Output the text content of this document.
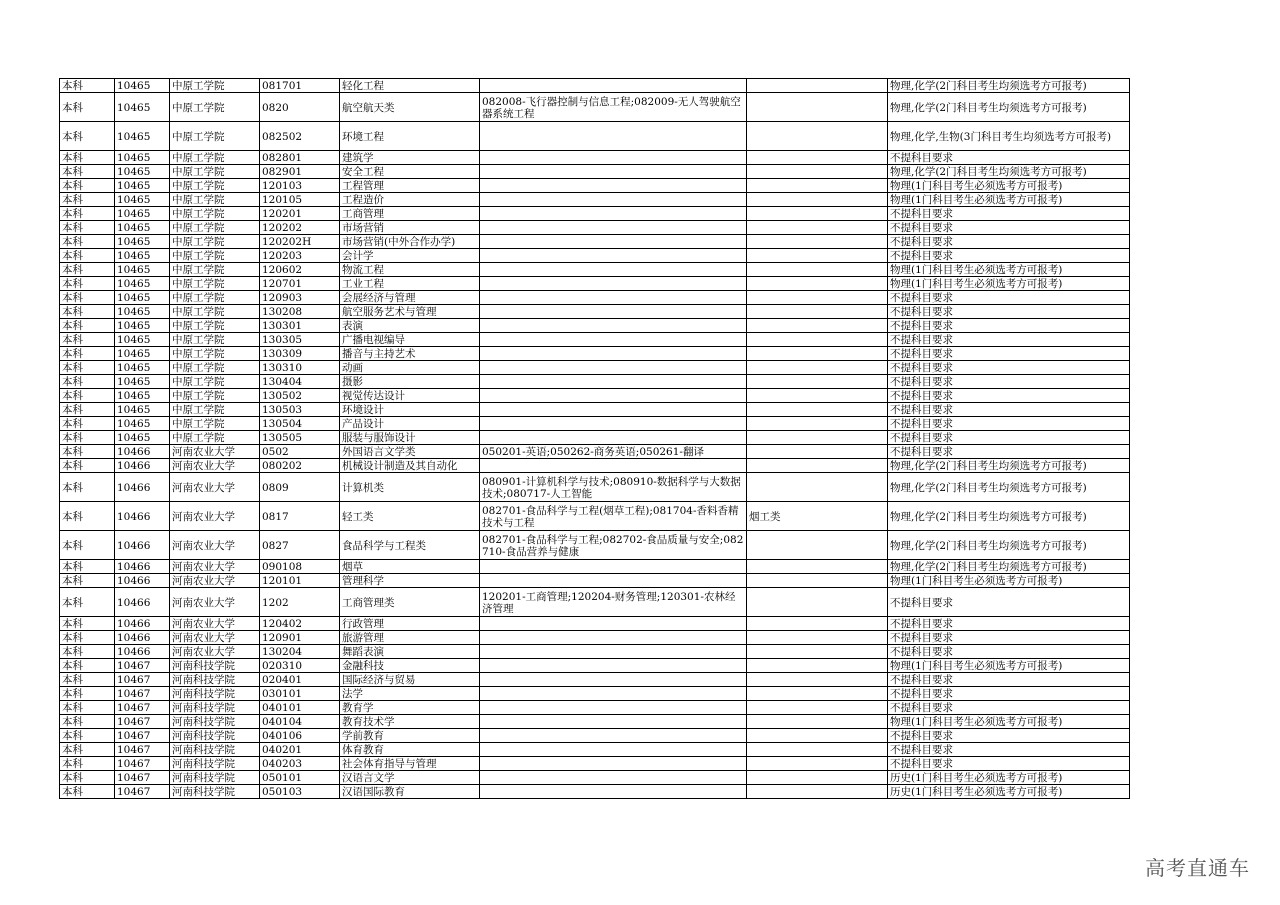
本科	10465	中原工学院	081701	轻化工程			物理,化学(2门科目考生均须选考方可报考)
本科	10465	中原工学院	0820	航空航天类	082008-飞行器控制与信息工程;082009-无人驾驶航空器系统工程		物理,化学(2门科目考生均须选考方可报考)
本科	10465	中原工学院	082502	环境工程			物理,化学,生物(3门科目考生均须选考方可报考)
本科	10465	中原工学院	082801	建筑学			不提科目要求
本科	10465	中原工学院	082901	安全工程			物理,化学(2门科目考生均须选考方可报考)
本科	10465	中原工学院	120103	工程管理			物理(1门科目考生必须选考方可报考)
本科	10465	中原工学院	120105	工程造价			物理(1门科目考生必须选考方可报考)
本科	10465	中原工学院	120201	工商管理			不提科目要求
本科	10465	中原工学院	120202	市场营销			不提科目要求
本科	10465	中原工学院	120202H	市场营销(中外合作办学)			不提科目要求
本科	10465	中原工学院	120203	会计学			不提科目要求
本科	10465	中原工学院	120602	物流工程			物理(1门科目考生必须选考方可报考)
本科	10465	中原工学院	120701	工业工程			物理(1门科目考生必须选考方可报考)
本科	10465	中原工学院	120903	会展经济与管理			不提科目要求
本科	10465	中原工学院	130208	航空服务艺术与管理			不提科目要求
本科	10465	中原工学院	130301	表演			不提科目要求
本科	10465	中原工学院	130305	广播电视编导			不提科目要求
本科	10465	中原工学院	130309	播音与主持艺术			不提科目要求
本科	10465	中原工学院	130310	动画			不提科目要求
本科	10465	中原工学院	130404	摄影			不提科目要求
本科	10465	中原工学院	130502	视觉传达设计			不提科目要求
本科	10465	中原工学院	130503	环境设计			不提科目要求
本科	10465	中原工学院	130504	产品设计			不提科目要求
本科	10465	中原工学院	130505	服装与服饰设计			不提科目要求
本科	10466	河南农业大学	0502	外国语言文学类	050201-英语;050262-商务英语;050261-翻译		不提科目要求
本科	10466	河南农业大学	080202	机械设计制造及其自动化			物理,化学(2门科目考生均须选考方可报考)
本科	10466	河南农业大学	0809	计算机类	080901-计算机科学与技术;080910-数据科学与大数据技术;080717-人工智能		物理,化学(2门科目考生均须选考方可报考)
本科	10466	河南农业大学	0817	轻工类	082701-食品科学与工程(烟草工程);081704-香料香精技术与工程	烟工类	物理,化学(2门科目考生均须选考方可报考)
本科	10466	河南农业大学	0827	食品科学与工程类	082701-食品科学与工程;082702-食品质量与安全;082710-食品营养与健康		物理,化学(2门科目考生均须选考方可报考)
本科	10466	河南农业大学	090108	烟草			物理,化学(2门科目考生均须选考方可报考)
本科	10466	河南农业大学	120101	管理科学			物理(1门科目考生必须选考方可报考)
本科	10466	河南农业大学	1202	工商管理类	120201-工商管理;120204-财务管理;120301-农林经济管理		不提科目要求
本科	10466	河南农业大学	120402	行政管理			不提科目要求
本科	10466	河南农业大学	120901	旅游管理			不提科目要求
本科	10466	河南农业大学	130204	舞蹈表演			不提科目要求
本科	10467	河南科技学院	020310	金融科技			物理(1门科目考生必须选考方可报考)
本科	10467	河南科技学院	020401	国际经济与贸易			不提科目要求
本科	10467	河南科技学院	030101	法学			不提科目要求
本科	10467	河南科技学院	040101	教育学			不提科目要求
本科	10467	河南科技学院	040104	教育技术学			物理(1门科目考生必须选考方可报考)
本科	10467	河南科技学院	040106	学前教育			不提科目要求
本科	10467	河南科技学院	040201	体育教育			不提科目要求
本科	10467	河南科技学院	040203	社会体育指导与管理			不提科目要求
本科	10467	河南科技学院	050101	汉语言文学			历史(1门科目考生必须选考方可报考)
本科	10467	河南科技学院	050103	汉语国际教育			历史(1门科目考生必须选考方可报考)
高考直通车
